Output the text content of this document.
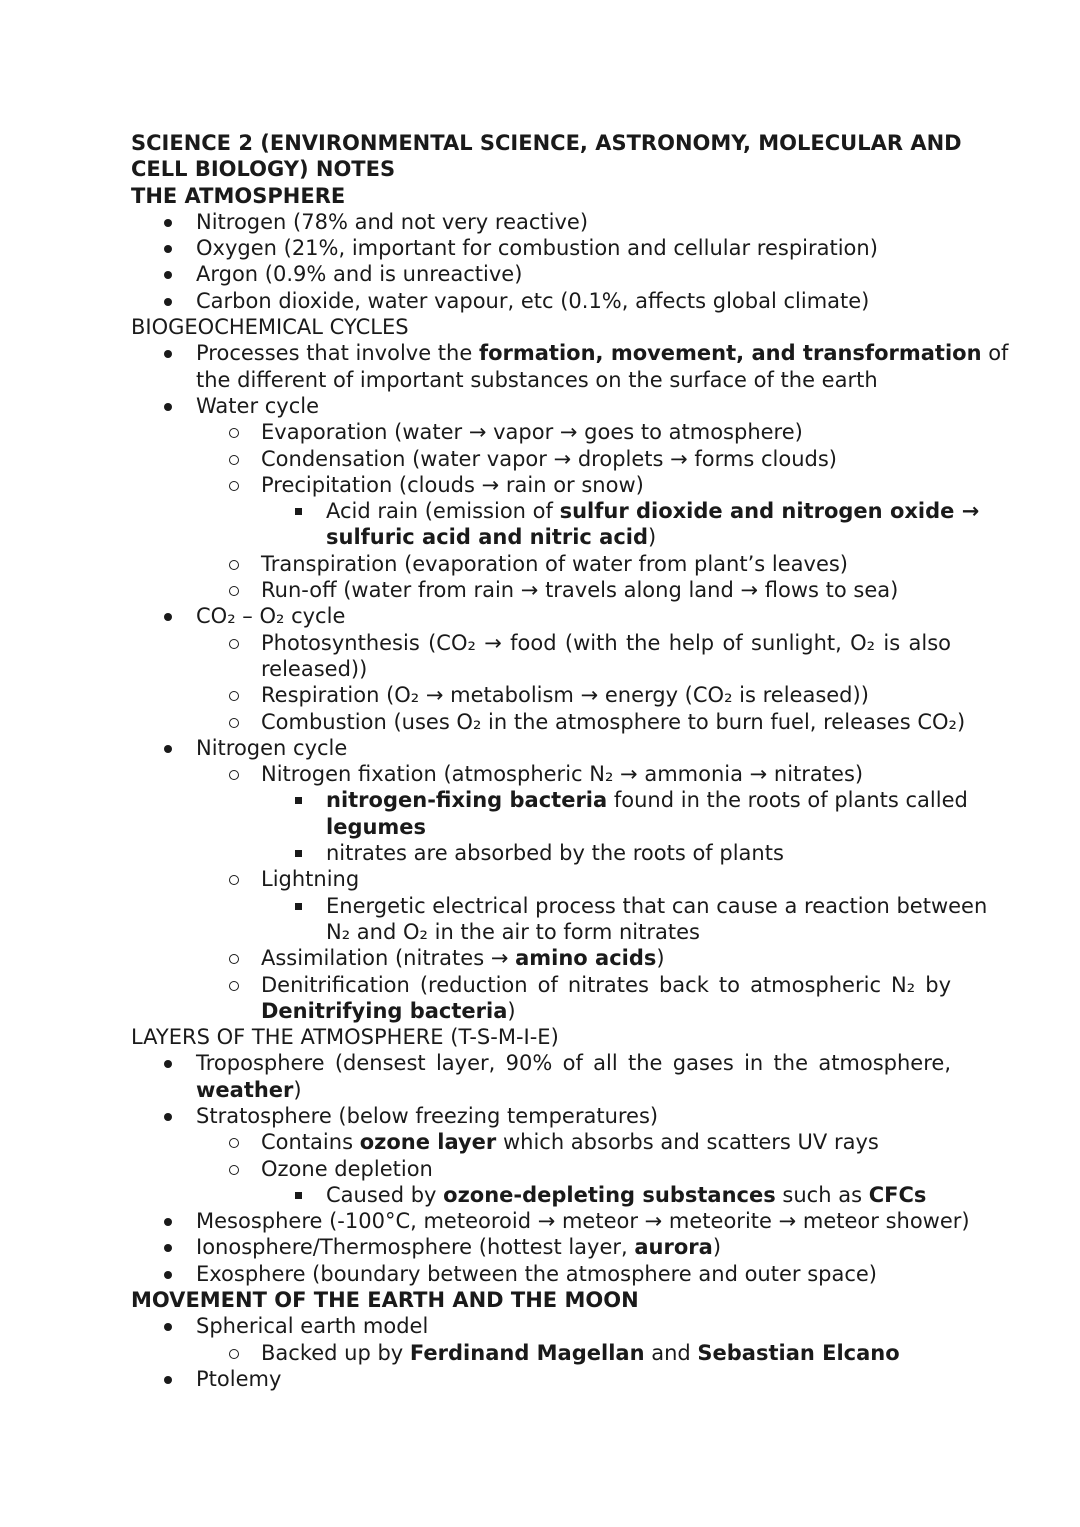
SCIENCE 2 (ENVIRONMENTAL SCIENCE, ASTRONOMY, MOLECULAR AND
CELL BIOLOGY) NOTES
THE ATMOSPHERE
Nitrogen (78% and not very reactive)
Oxygen (21%, important for combustion and cellular respiration)
Argon (0.9% and is unreactive)
Carbon dioxide, water vapour, etc (0.1%, affects global climate)
BIOGEOCHEMICAL CYCLES
Processes that involve the formation, movement, and transformation of
the different of important substances on the surface of the earth
Water cycle
Evaporation (water → vapor → goes to atmosphere)
Condensation (water vapor → droplets → forms clouds)
Precipitation (clouds → rain or snow)
Acid rain (emission of sulfur dioxide and nitrogen oxide →
sulfuric acid and nitric acid)
Transpiration (evaporation of water from plant’s leaves)
Run-off (water from rain → travels along land → flows to sea)
CO₂ – O₂ cycle
Photosynthesis (CO₂ → food (with the help of sunlight, O₂ is also
released))
Respiration (O₂ → metabolism → energy (CO₂ is released))
Combustion (uses O₂ in the atmosphere to burn fuel, releases CO₂)
Nitrogen cycle
Nitrogen fixation (atmospheric N₂ → ammonia → nitrates)
nitrogen-fixing bacteria found in the roots of plants called
legumes
nitrates are absorbed by the roots of plants
Lightning
Energetic electrical process that can cause a reaction between
N₂ and O₂ in the air to form nitrates
Assimilation (nitrates → amino acids)
Denitrification (reduction of nitrates back to atmospheric N₂ by
Denitrifying bacteria)
LAYERS OF THE ATMOSPHERE (T-S-M-I-E)
Troposphere (densest layer, 90% of all the gases in the atmosphere,
weather)
Stratosphere (below freezing temperatures)
Contains ozone layer which absorbs and scatters UV rays
Ozone depletion
Caused by ozone-depleting substances such as CFCs
Mesosphere (-100°C, meteoroid → meteor → meteorite → meteor shower)
Ionosphere/Thermosphere (hottest layer, aurora)
Exosphere (boundary between the atmosphere and outer space)
MOVEMENT OF THE EARTH AND THE MOON
Spherical earth model
Backed up by Ferdinand Magellan and Sebastian Elcano
Ptolemy
